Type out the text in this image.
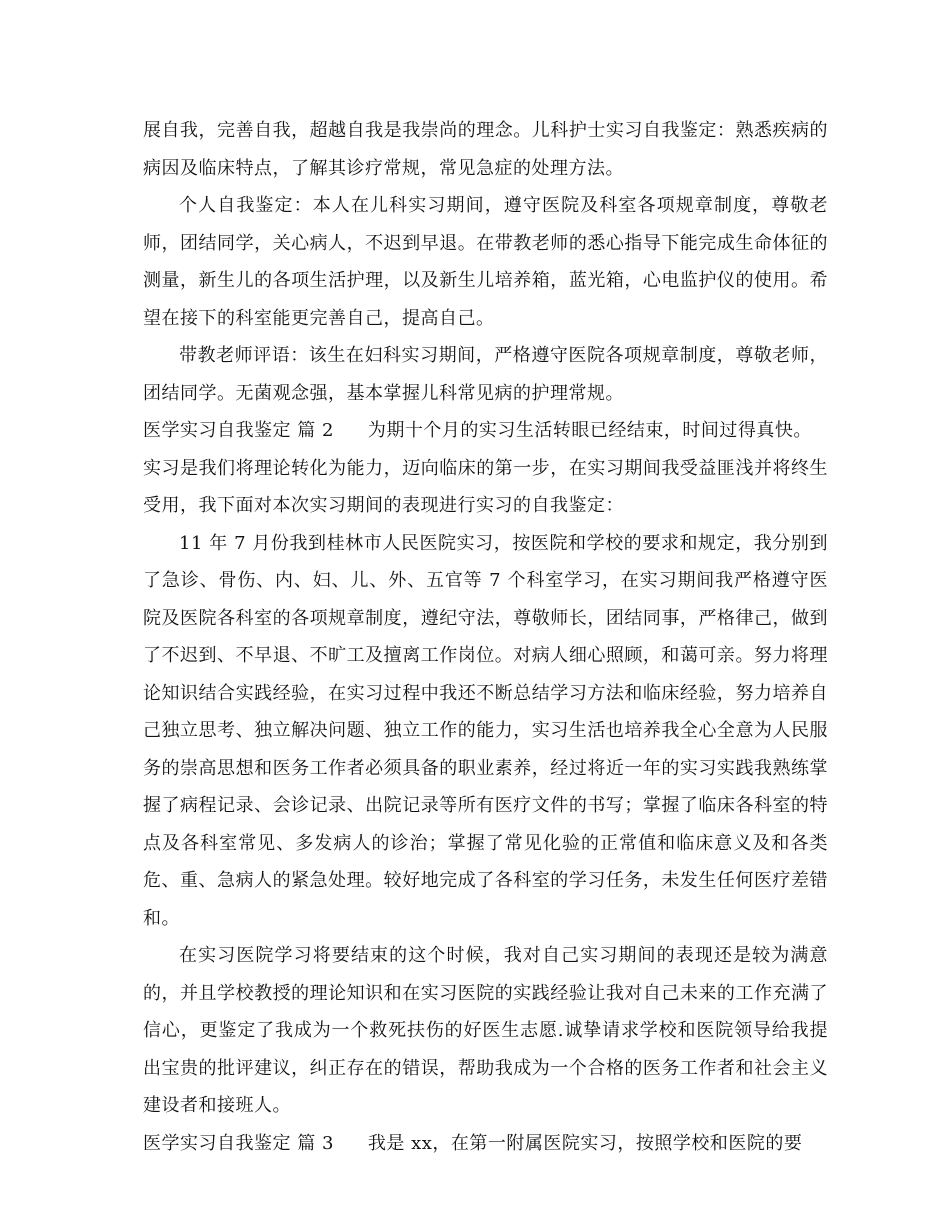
展自我，完善自我，超越自我是我崇尚的理念。儿科护士实习自我鉴定：熟悉疾病的病因及临床特点，了解其诊疗常规，常见急症的处理方法。

个人自我鉴定：本人在儿科实习期间，遵守医院及科室各项规章制度，尊敬老师，团结同学，关心病人，不迟到早退。在带教老师的悉心指导下能完成生命体征的测量，新生儿的各项生活护理，以及新生儿培养箱，蓝光箱，心电监护仪的使用。希望在接下的科室能更完善自己，提高自己。

带教老师评语：该生在妇科实习期间，严格遵守医院各项规章制度，尊敬老师，团结同学。无菌观念强，基本掌握儿科常见病的护理常规。

医学实习自我鉴定 篇 2 为期十个月的实习生活转眼已经结束，时间过得真快。

实习是我们将理论转化为能力，迈向临床的第一步，在实习期间我受益匪浅并将终生受用，我下面对本次实习期间的表现进行实习的自我鉴定：

11 年 7 月份我到桂林市人民医院实习，按医院和学校的要求和规定，我分别到了急诊、骨伤、内、妇、儿、外、五官等 7 个科室学习，在实习期间我严格遵守医院及医院各科室的各项规章制度，遵纪守法，尊敬师长，团结同事，严格律己，做到了不迟到、不早退、不旷工及擅离工作岗位。对病人细心照顾，和蔼可亲。努力将理论知识结合实践经验，在实习过程中我还不断总结学习方法和临床经验，努力培养自己独立思考、独立解决问题、独立工作的能力，实习生活也培养我全心全意为人民服务的崇高思想和医务工作者必须具备的职业素养，经过将近一年的实习实践我熟练掌握了病程记录、会诊记录、出院记录等所有医疗文件的书写；掌握了临床各科室的特点及各科室常见、多发病人的诊治；掌握了常见化验的正常值和临床意义及和各类危、重、急病人的紧急处理。较好地完成了各科室的学习任务，未发生任何医疗差错和。

在实习医院学习将要结束的这个时候，我对自己实习期间的表现还是较为满意的，并且学校教授的理论知识和在实习医院的实践经验让我对自己未来的工作充满了信心，更鉴定了我成为一个救死扶伤的好医生志愿.诚挚请求学校和医院领导给我提出宝贵的批评建议，纠正存在的错误，帮助我成为一个合格的医务工作者和社会主义建设者和接班人。

医学实习自我鉴定 篇 3 我是 xx，在第一附属医院实习，按照学校和医院的要
